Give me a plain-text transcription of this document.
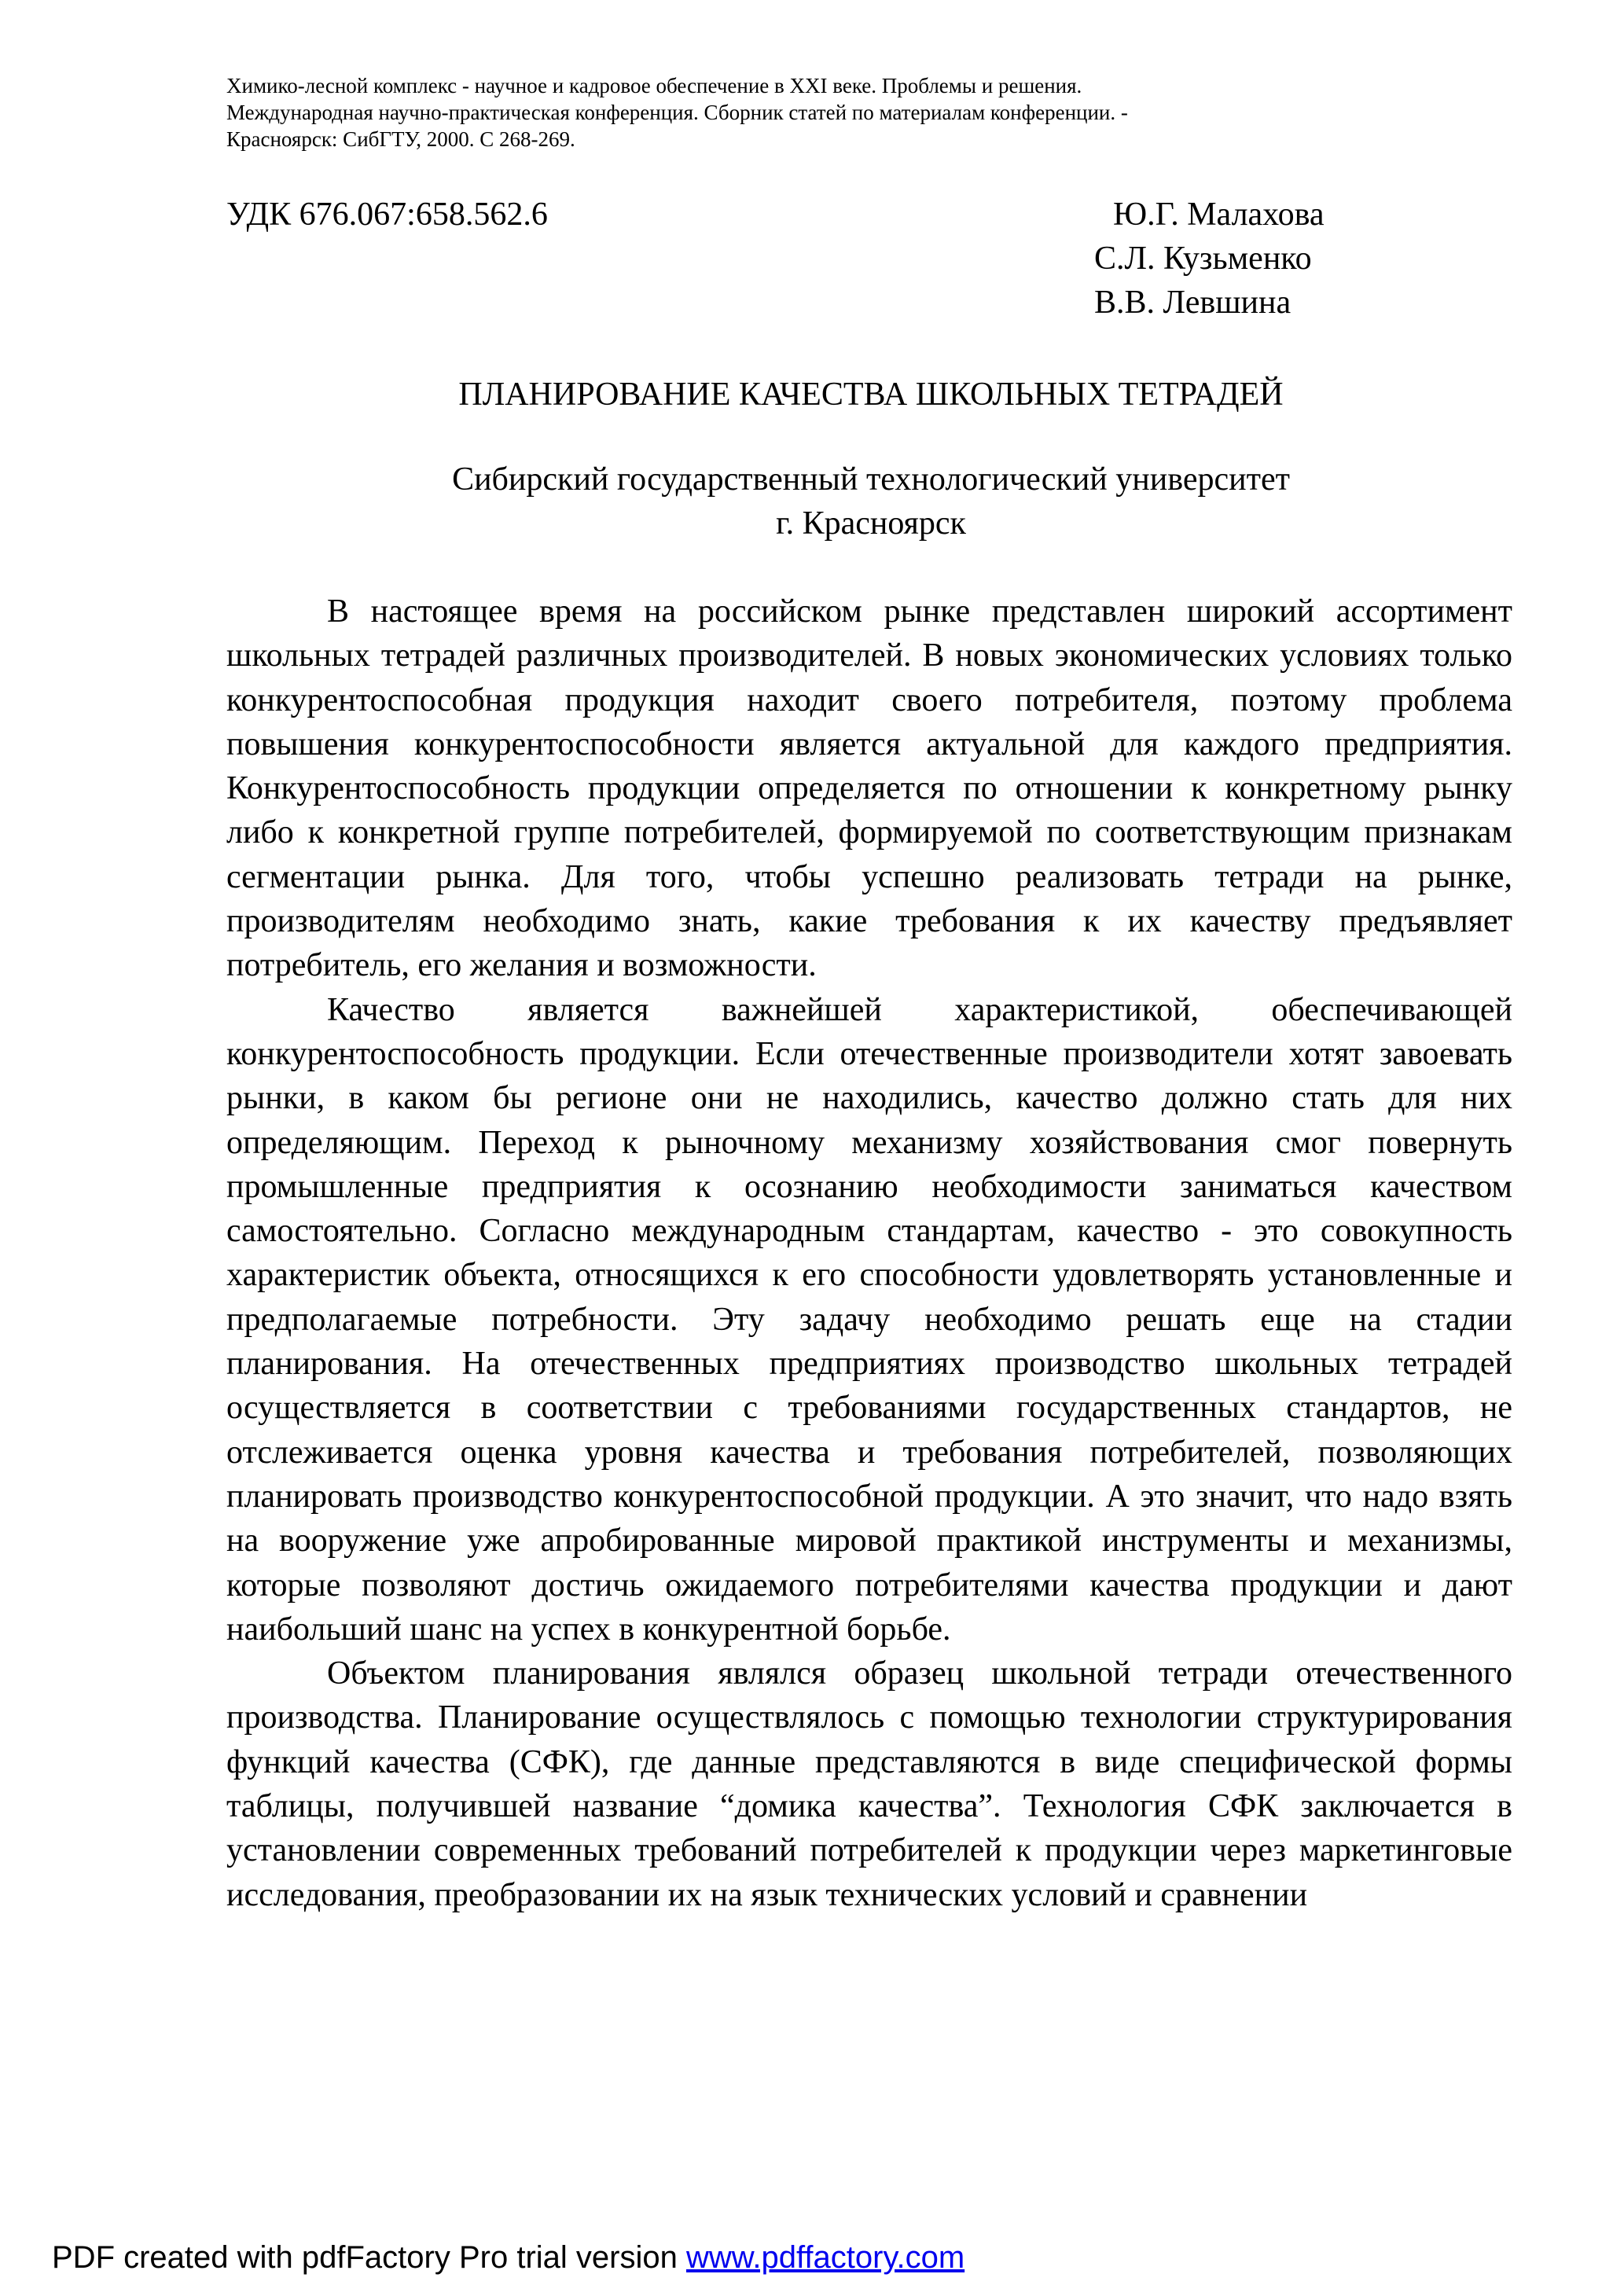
Химико-лесной комплекс - научное и кадровое обеспечение в XXI веке. Проблемы и решения.
Международная научно-практическая конференция. Сборник статей по материалам конференции. -
Красноярск: СибГТУ, 2000. С 268-269.
УДК 676.067:658.562.6	Ю.Г. Малахова
С.Л. Кузьменко
В.В. Левшина
ПЛАНИРОВАНИЕ КАЧЕСТВА ШКОЛЬНЫХ ТЕТРАДЕЙ
Сибирский государственный технологический университет
г. Красноярск

В настоящее время на российском рынке представлен широкий ассортимент школьных тетрадей различных производителей. В новых экономических условиях только конкурентоспособная продукция находит своего потребителя, поэтому проблема повышения конкурентоспособности является актуальной для каждого предприятия. Конкурентоспособность продукции определяется по отношении к конкретному рынку либо к конкретной группе потребителей, формируемой по соответствующим признакам сегментации рынка. Для того, чтобы успешно реализовать тетради на рынке, производителям необходимо знать, какие требования к их качеству предъявляет потребитель, его желания и возможности.

Качество является важнейшей характеристикой, обеспечивающей конкурентоспособность продукции. Если отечественные производители хотят завоевать рынки, в каком бы регионе они не находились, качество должно стать для них определяющим. Переход к рыночному механизму хозяйствования смог повернуть промышленные предприятия к осознанию необходимости заниматься качеством самостоятельно. Согласно международным стандартам, качество - это совокупность характеристик объекта, относящихся к его способности удовлетворять установленные и предполагаемые потребности. Эту задачу необходимо решать еще на стадии планирования. На отечественных предприятиях производство школьных тетрадей осуществляется в соответствии с требованиями государственных стандартов, не отслеживается оценка уровня качества и требования потребителей, позволяющих планировать производство конкурентоспособной продукции. А это значит, что надо взять на вооружение уже апробированные мировой практикой инструменты и механизмы, которые позволяют достичь ожидаемого потребителями качества продукции и дают наибольший шанс на успех в конкурентной борьбе.

Объектом планирования являлся образец школьной тетради отечественного производства. Планирование осуществлялось с помощью технологии структурирования функций качества (СФК), где данные представляются в виде специфической формы таблицы, получившей название “домика качества”. Технология СФК заключается в установлении современных требований потребителей к продукции через маркетинговые исследования, преобразовании их на язык технических условий и сравнении

PDF created with pdfFactory Pro trial version www.pdffactory.com
